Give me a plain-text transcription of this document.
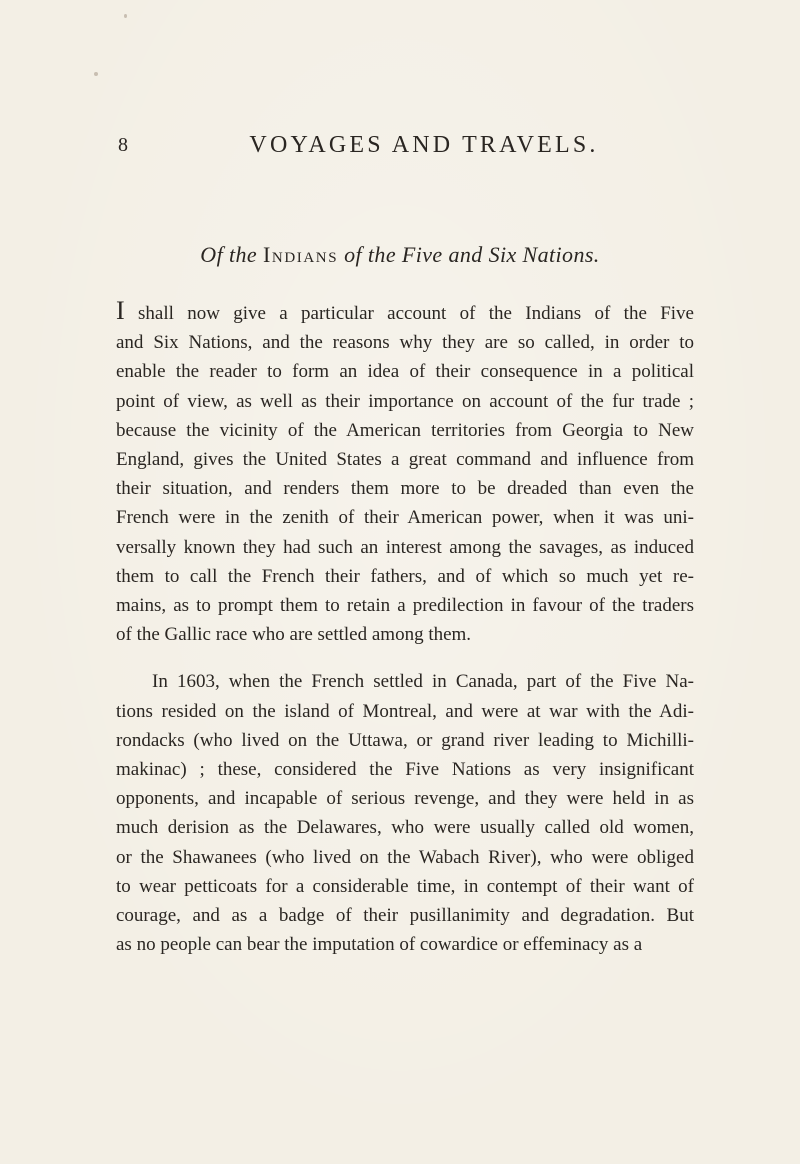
8	VOYAGES AND TRAVELS.
Of the Indians of the Five and Six Nations.

I shall now give a particular account of the Indians of the Five
and Six Nations, and the reasons why they are so called, in order to
enable the reader to form an idea of their consequence in a political
point of view, as well as their importance on account of the fur trade ;
because the vicinity of the American territories from Georgia to New
England, gives the United States a great command and influence from
their situation, and renders them more to be dreaded than even the
French were in the zenith of their American power, when it was uni-
versally known they had such an interest among the savages, as induced
them to call the French their fathers, and of which so much yet re-
mains, as to prompt them to retain a predilection in favour of the traders
of the Gallic race who are settled among them.

In 1603, when the French settled in Canada, part of the Five Na-
tions resided on the island of Montreal, and were at war with the Adi-
rondacks (who lived on the Uttawa, or grand river leading to Michilli-
makinac) ; these, considered the Five Nations as very insignificant
opponents, and incapable of serious revenge, and they were held in as
much derision as the Delawares, who were usually called old women,
or the Shawanees (who lived on the Wabach River), who were obliged
to wear petticoats for a considerable time, in contempt of their want of
courage, and as a badge of their pusillanimity and degradation. But
as no people can bear the imputation of cowardice or effeminacy as a
